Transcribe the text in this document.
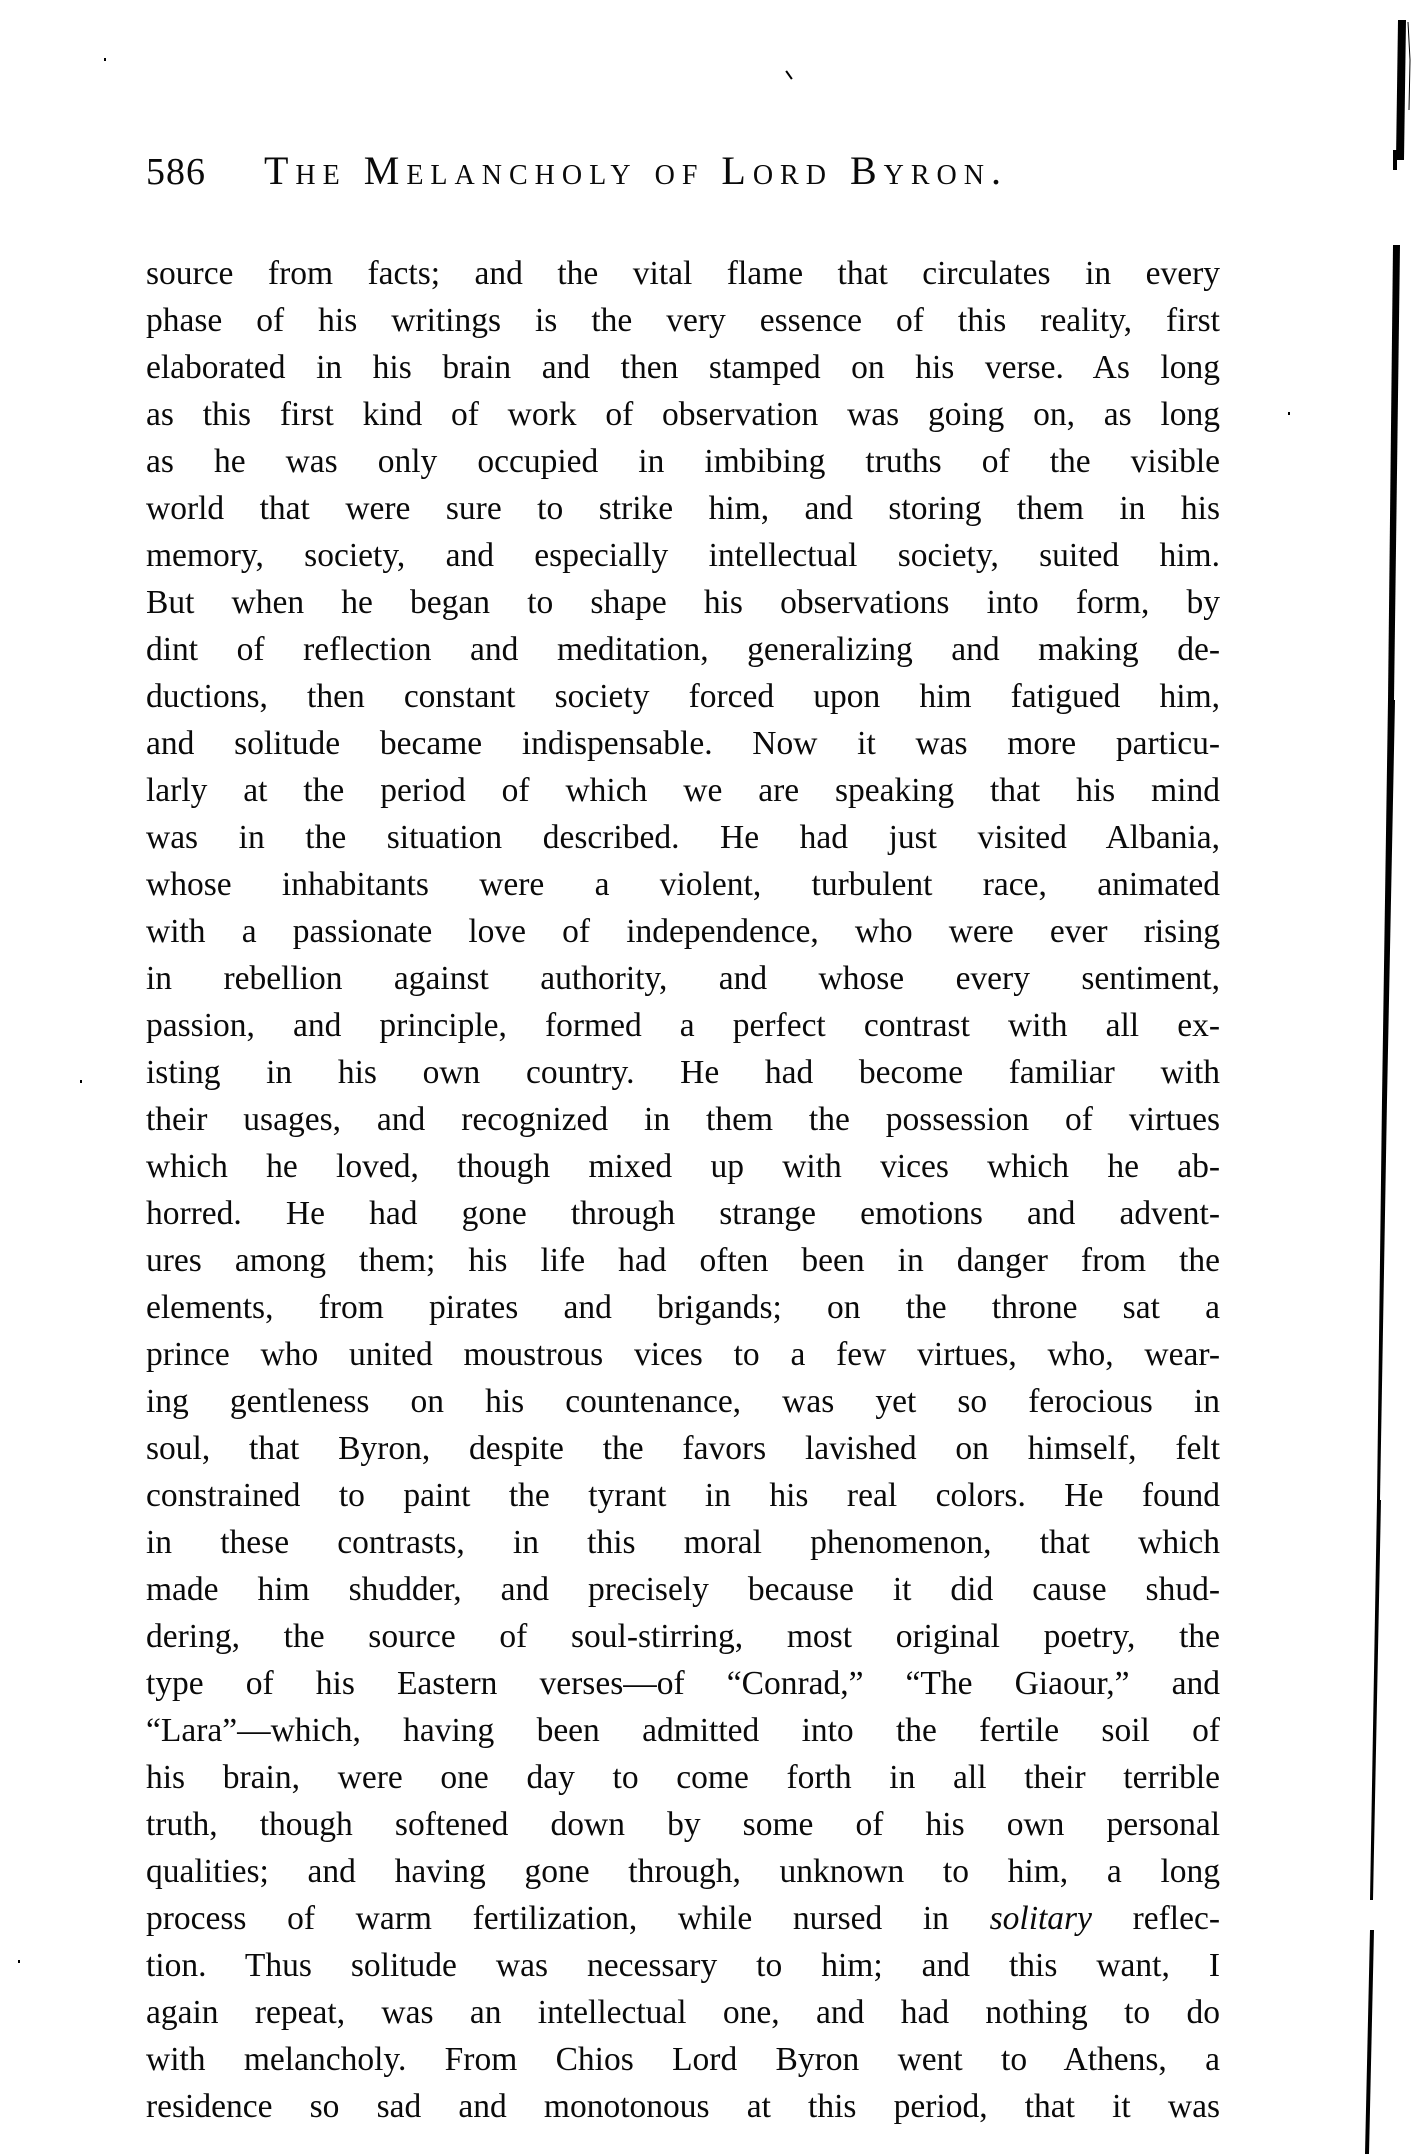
586 The Melancholy of Lord Byron.
source from facts; and the vital flame that circulates in every
phase of his writings is the very essence of this reality, first
elaborated in his brain and then stamped on his verse. As long
as this first kind of work of observation was going on, as long
as he was only occupied in imbibing truths of the visible
world that were sure to strike him, and storing them in his
memory, society, and especially intellectual society, suited him.
But when he began to shape his observations into form, by
dint of reflection and meditation, generalizing and making de-
ductions, then constant society forced upon him fatigued him,
and solitude became indispensable. Now it was more particu-
larly at the period of which we are speaking that his mind
was in the situation described. He had just visited Albania,
whose inhabitants were a violent, turbulent race, animated
with a passionate love of independence, who were ever rising
in rebellion against authority, and whose every sentiment,
passion, and principle, formed a perfect contrast with all ex-
isting in his own country. He had become familiar with
their usages, and recognized in them the possession of virtues
which he loved, though mixed up with vices which he ab-
horred. He had gone through strange emotions and advent-
ures among them; his life had often been in danger from the
elements, from pirates and brigands; on the throne sat a
prince who united moustrous vices to a few virtues, who, wear-
ing gentleness on his countenance, was yet so ferocious in
soul, that Byron, despite the favors lavished on himself, felt
constrained to paint the tyrant in his real colors. He found
in these contrasts, in this moral phenomenon, that which
made him shudder, and precisely because it did cause shud-
dering, the source of soul-stirring, most original poetry, the
type of his Eastern verses—of “Conrad,” “The Giaour,” and
“Lara”—which, having been admitted into the fertile soil of
his brain, were one day to come forth in all their terrible
truth, though softened down by some of his own personal
qualities; and having gone through, unknown to him, a long
process of warm fertilization, while nursed in solitary reflec-
tion. Thus solitude was necessary to him; and this want, I
again repeat, was an intellectual one, and had nothing to do
with melancholy. From Chios Lord Byron went to Athens, a
residence so sad and monotonous at this period, that it was
